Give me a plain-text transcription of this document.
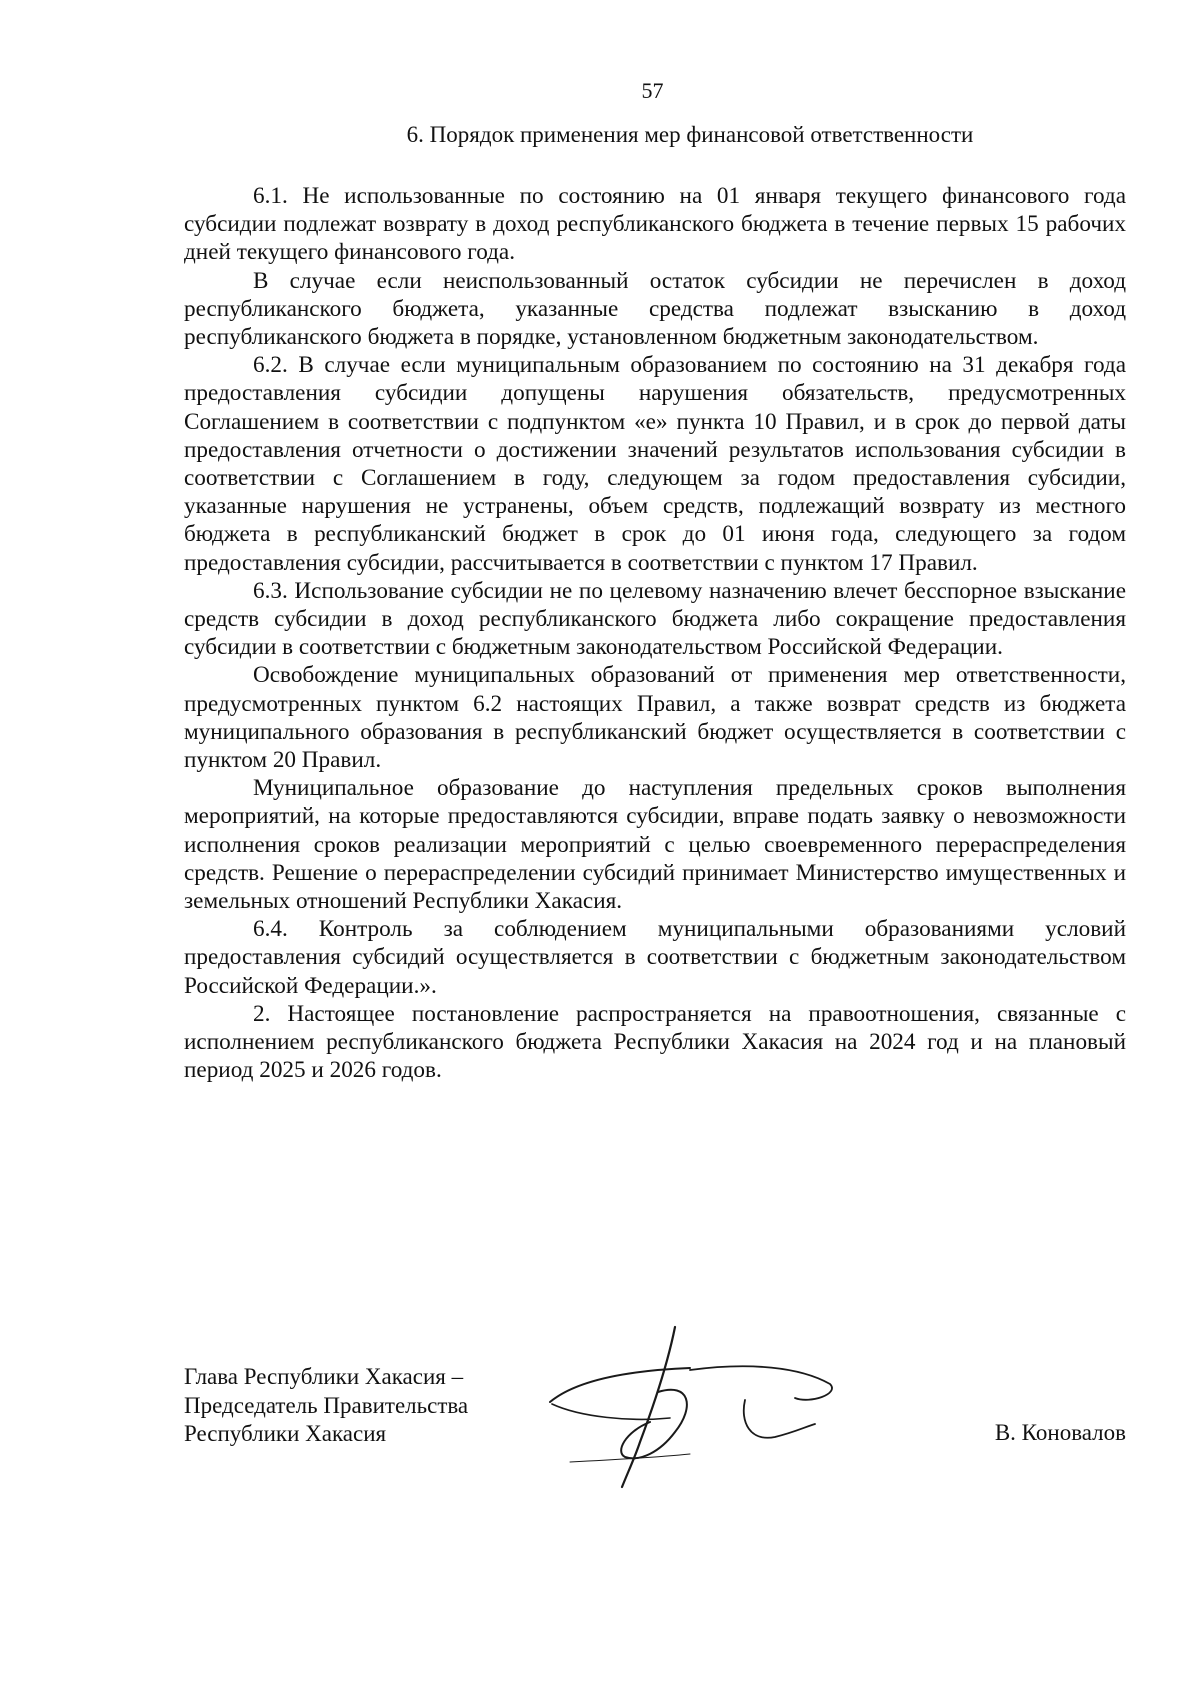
57
6. Порядок применения мер финансовой ответственности

6.1. Не использованные по состоянию на 01 января текущего финансового года субсидии подлежат возврату в доход республиканского бюджета в течение первых 15 рабочих дней текущего финансового года.

В случае если неиспользованный остаток субсидии не перечислен в доход республиканского бюджета, указанные средства подлежат взысканию в доход республиканского бюджета в порядке, установленном бюджетным законодательством.

6.2. В случае если муниципальным образованием по состоянию на 31 декабря года предоставления субсидии допущены нарушения обязательств, предусмотренных Соглашением в соответствии с подпунктом «е» пункта 10 Правил, и в срок до первой даты предоставления отчетности о достижении значений результатов использования субсидии в соответствии с Соглашением в году, следующем за годом предоставления субсидии, указанные нарушения не устранены, объем средств, подлежащий возврату из местного бюджета в республиканский бюджет в срок до 01 июня года, следующего за годом предоставления субсидии, рассчитывается в соответствии с пунктом 17 Правил.

6.3. Использование субсидии не по целевому назначению влечет бесспорное взыскание средств субсидии в доход республиканского бюджета либо сокращение предоставления субсидии в соответствии с бюджетным законодательством Российской Федерации.

Освобождение муниципальных образований от применения мер ответственности, предусмотренных пунктом 6.2 настоящих Правил, а также возврат средств из бюджета муниципального образования в республиканский бюджет осуществляется в соответствии с пунктом 20 Правил.

Муниципальное образование до наступления предельных сроков выполнения мероприятий, на которые предоставляются субсидии, вправе подать заявку о невозможности исполнения сроков реализации мероприятий с целью своевременного перераспределения средств. Решение о перераспределении субсидий принимает Министерство имущественных и земельных отношений Республики Хакасия.

6.4. Контроль за соблюдением муниципальными образованиями условий предоставления субсидий осуществляется в соответствии с бюджетным законодательством Российской Федерации.».

2. Настоящее постановление распространяется на правоотношения, связанные с исполнением республиканского бюджета Республики Хакасия на 2024 год и на плановый период 2025 и 2026 годов.

Глава Республики Хакасия –
Председатель Правительства
Республики Хакасия	В. Коновалов
